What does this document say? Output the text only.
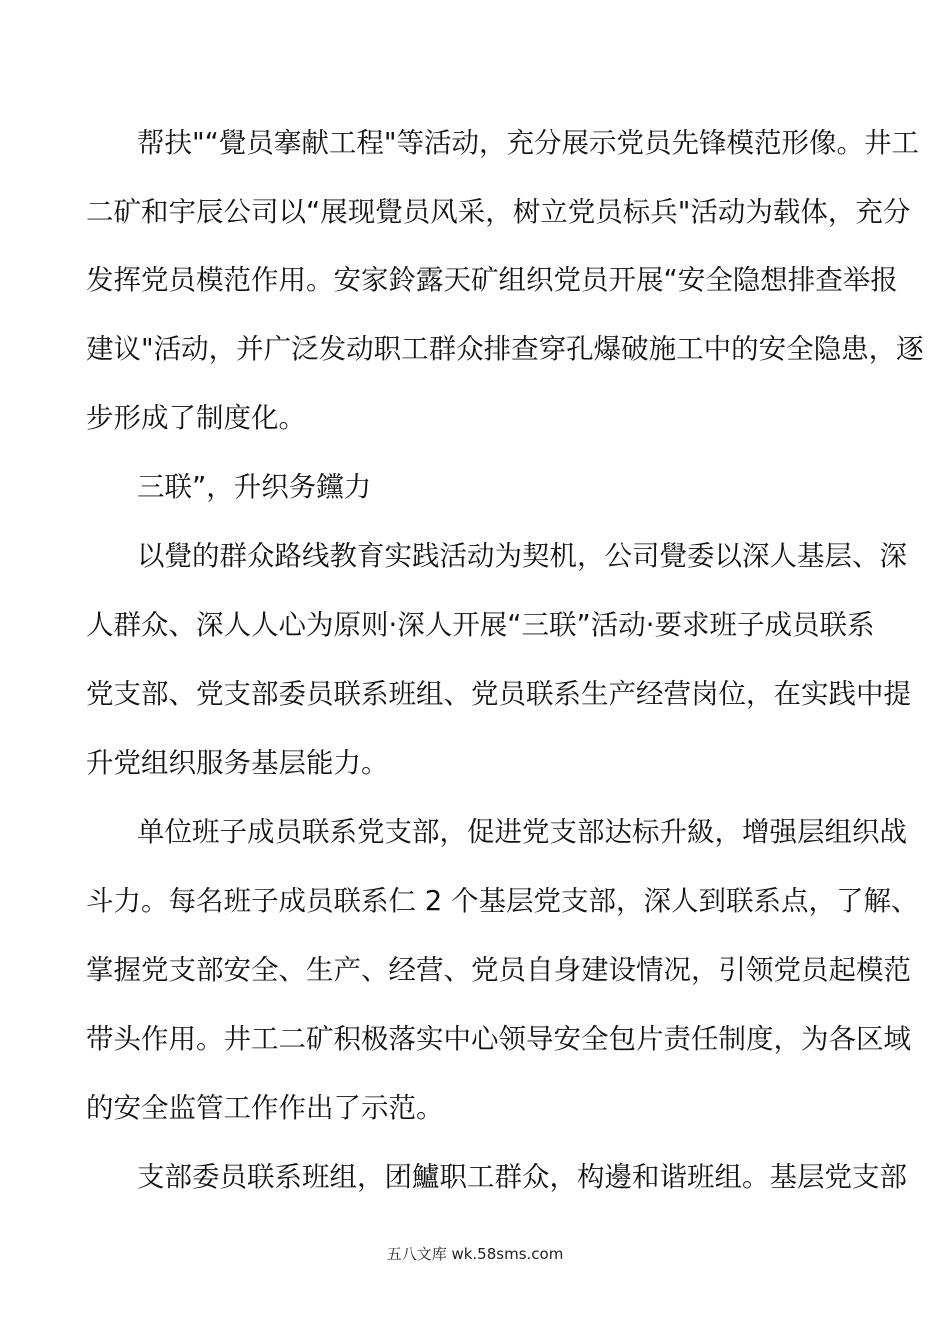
帮扶"“覺员搴献工程"等活动，充分展示党员先锋模范形像。井工
二矿和宇辰公司以“展现覺员风采，树立党员标兵"活动为载体，充分
发挥党员模范作用。安家鈴露天矿组织党员开展“安全隐想排查举报
建议"活动，并广泛发动职工群众排查穿孔爆破施工中的安全隐患，逐
步形成了制度化。
三联”，升织务钂力
以覺的群众路线教育实践活动为契机，公司覺委以深人基层、深
人群众、深人人心为原则·深人开展“三联”活动·要求班子成员联系
党支部、党支部委员联系班组、党员联系生产经营岗位，在实践中提
升党组织服务基层能力。
单位班子成员联系党支部，促进党支部达标升級，增强层组织战
斗力。每名班子成员联系仁 2 个基层党支部，深人到联系点，了解、
掌握党支部安全、生产、经营、党员自身建设情况，引领党员起模范
带头作用。井工二矿积极落实中心领导安全包片责任制度，为各区域
的安全监管工作作出了示范。
支部委员联系班组，团鱸职工群众，构邊和谐班组。基层党支部
五八文库 wk.58sms.com
